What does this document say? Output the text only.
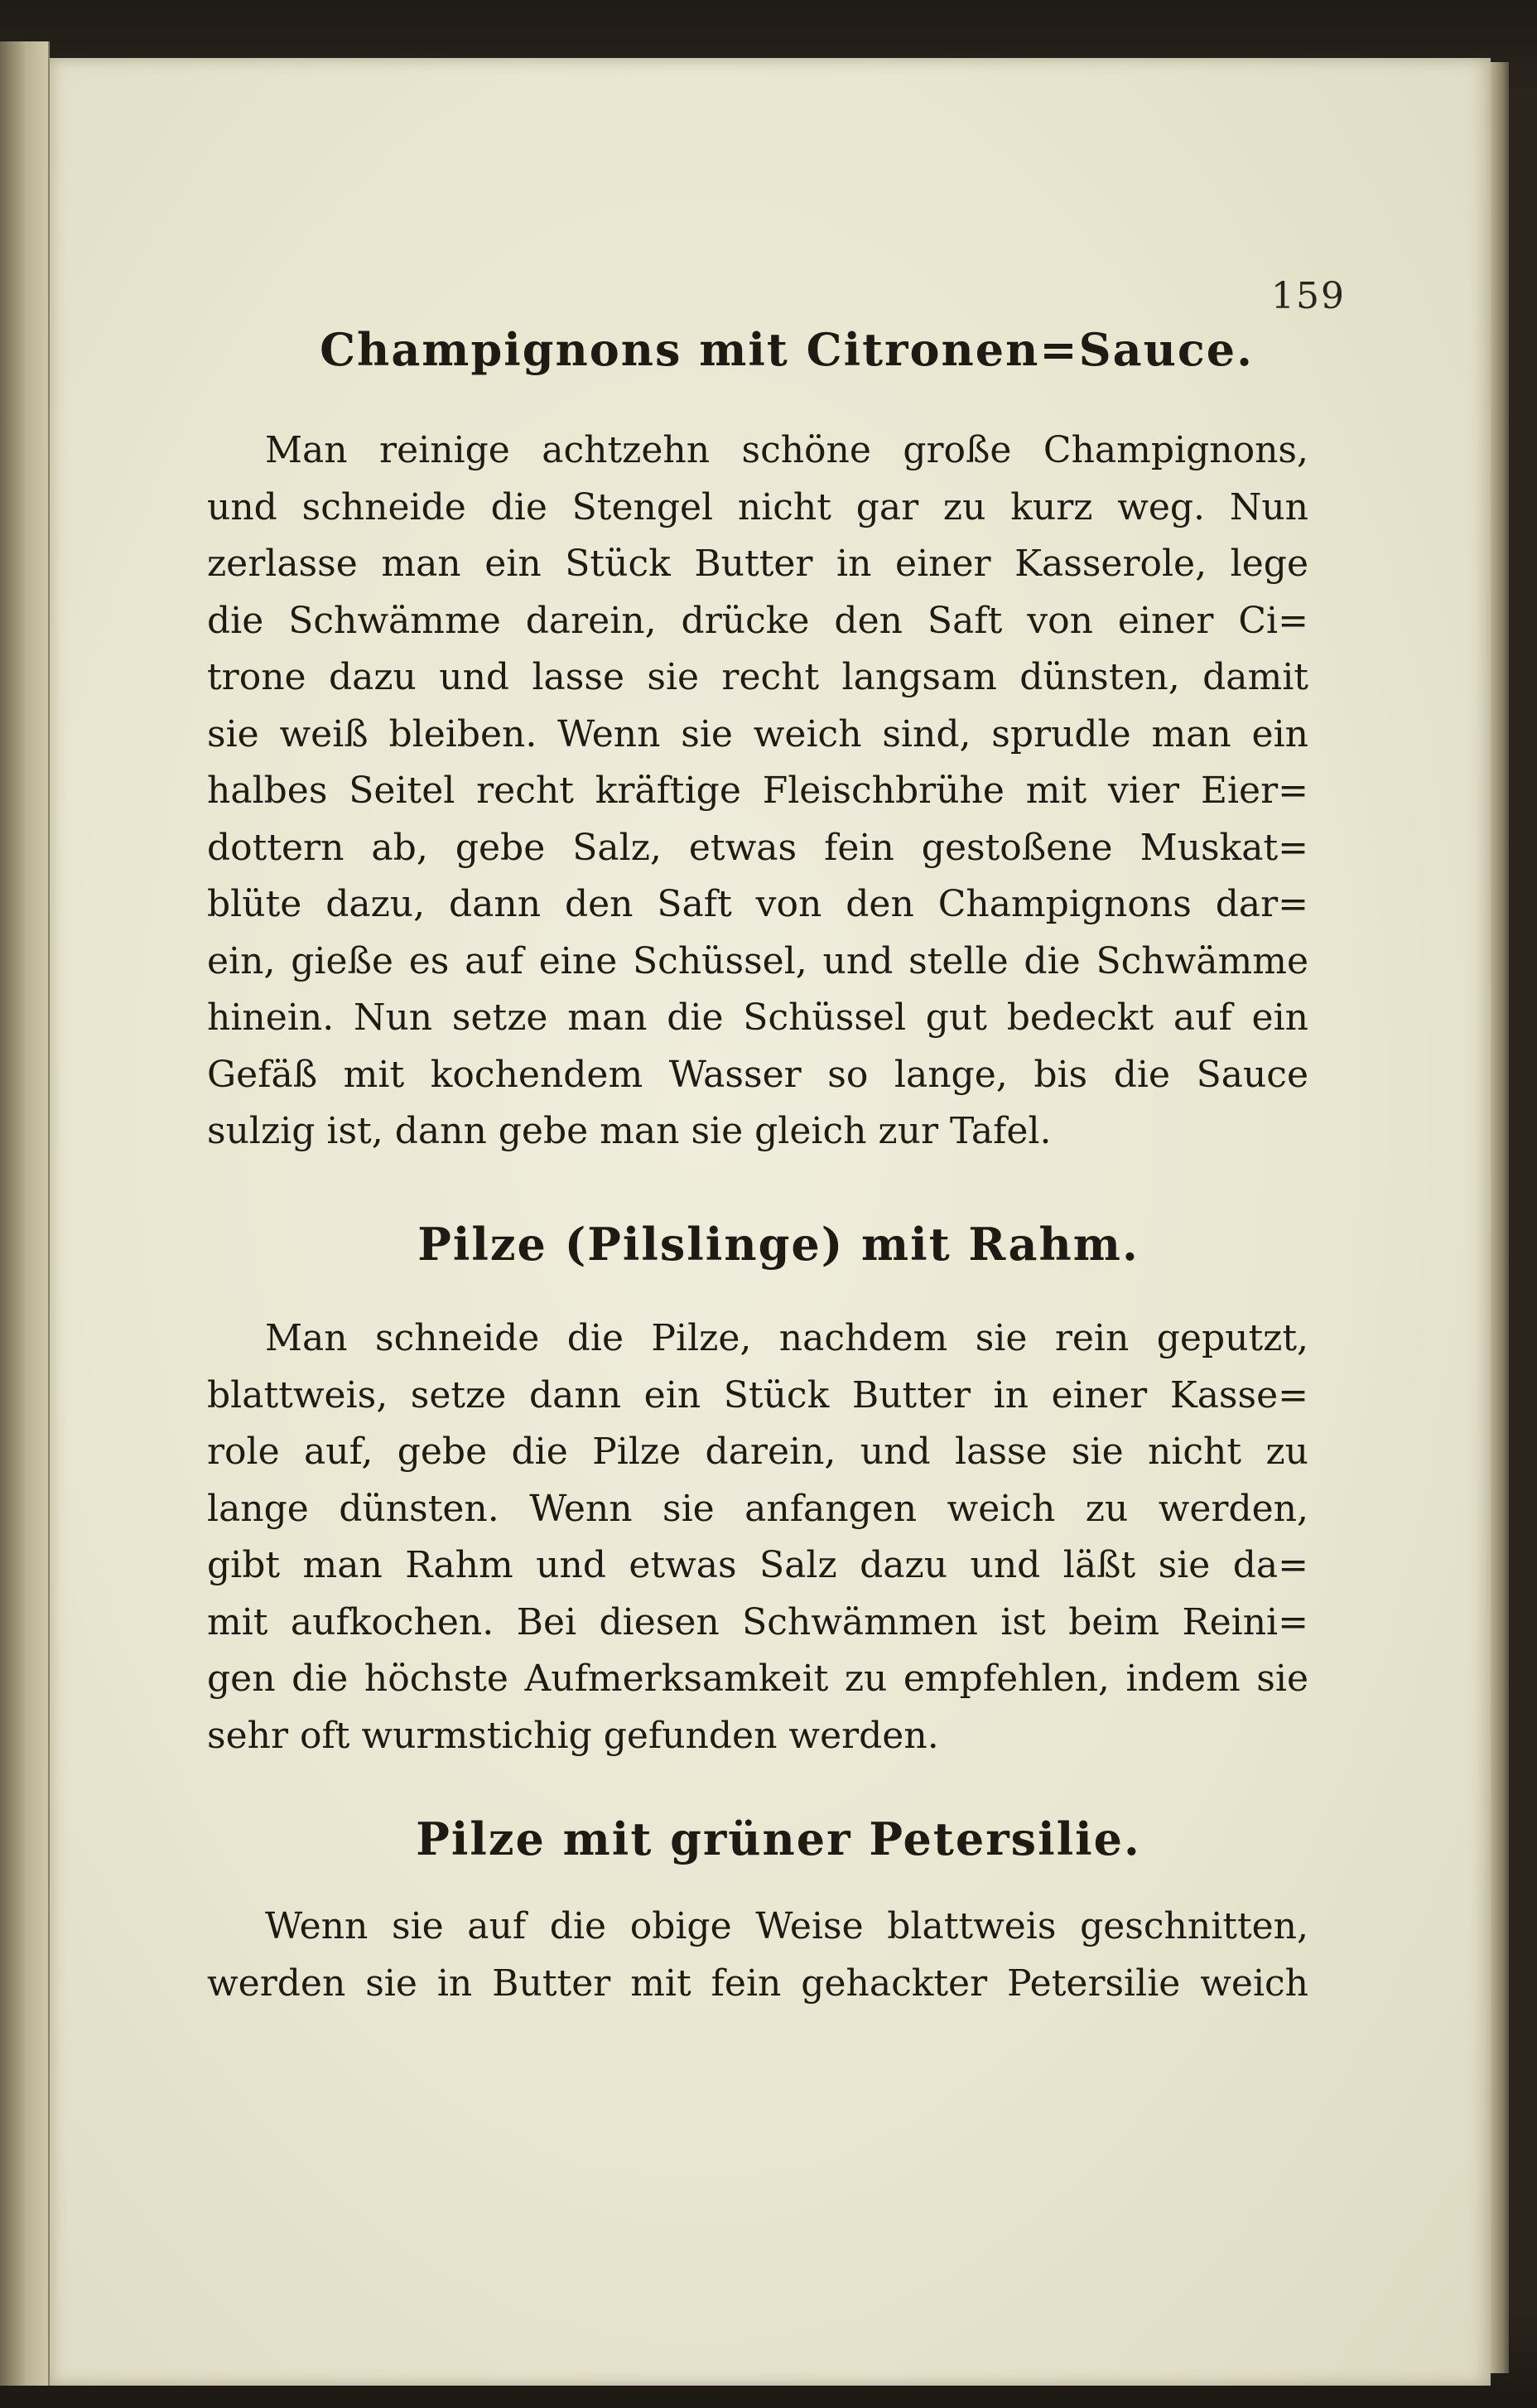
159
Champignons mit Citronen=Sauce.
Man reinige achtzehn schöne große Champignons,
und schneide die Stengel nicht gar zu kurz weg. Nun
zerlasse man ein Stück Butter in einer Kasserole, lege
die Schwämme darein, drücke den Saft von einer Ci=
trone dazu und lasse sie recht langsam dünsten, damit
sie weiß bleiben. Wenn sie weich sind, sprudle man ein
halbes Seitel recht kräftige Fleischbrühe mit vier Eier=
dottern ab, gebe Salz, etwas fein gestoßene Muskat=
blüte dazu, dann den Saft von den Champignons dar=
ein, gieße es auf eine Schüssel, und stelle die Schwämme
hinein. Nun setze man die Schüssel gut bedeckt auf ein
Gefäß mit kochendem Wasser so lange, bis die Sauce
sulzig ist, dann gebe man sie gleich zur Tafel.
Pilze (Pilslinge) mit Rahm.
Man schneide die Pilze, nachdem sie rein geputzt,
blattweis, setze dann ein Stück Butter in einer Kasse=
role auf, gebe die Pilze darein, und lasse sie nicht zu
lange dünsten. Wenn sie anfangen weich zu werden,
gibt man Rahm und etwas Salz dazu und läßt sie da=
mit aufkochen. Bei diesen Schwämmen ist beim Reini=
gen die höchste Aufmerksamkeit zu empfehlen, indem sie
sehr oft wurmstichig gefunden werden.
Pilze mit grüner Petersilie.
Wenn sie auf die obige Weise blattweis geschnitten,
werden sie in Butter mit fein gehackter Petersilie weich
